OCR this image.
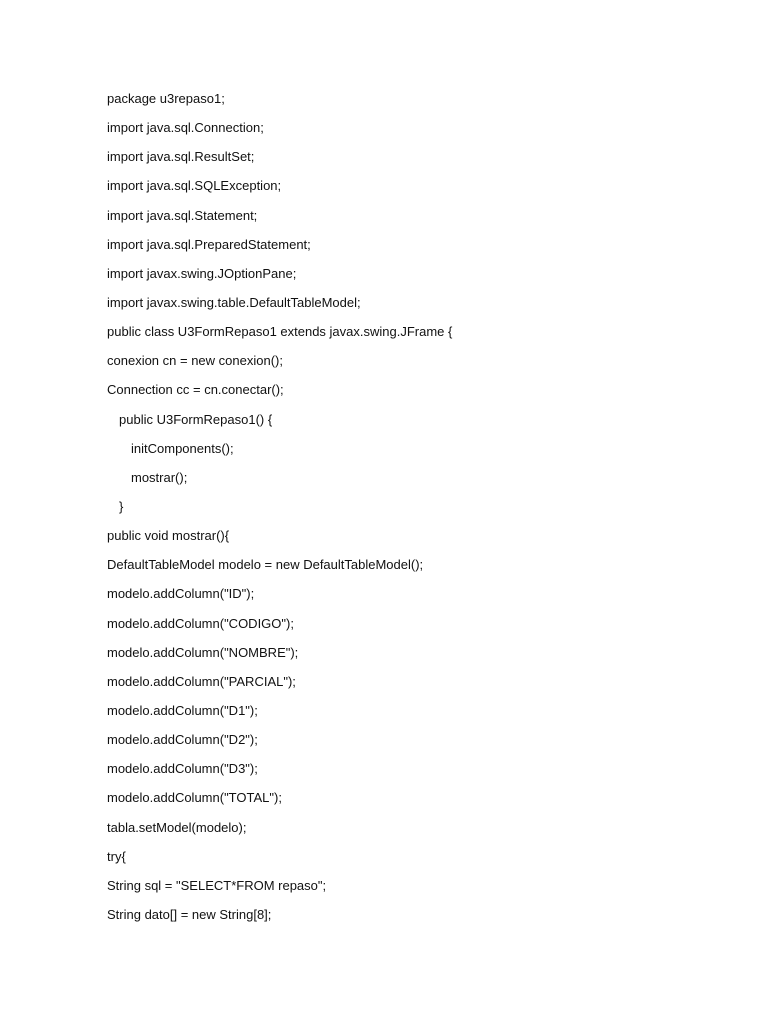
package u3repaso1;
import java.sql.Connection;
import java.sql.ResultSet;
import java.sql.SQLException;
import java.sql.Statement;
import java.sql.PreparedStatement;
import javax.swing.JOptionPane;
import javax.swing.table.DefaultTableModel;
public class U3FormRepaso1 extends javax.swing.JFrame {
conexion cn = new conexion();
Connection cc = cn.conectar();
public U3FormRepaso1() {
initComponents();
mostrar();
}
public void mostrar(){
DefaultTableModel modelo = new DefaultTableModel();
modelo.addColumn("ID");
modelo.addColumn("CODIGO");
modelo.addColumn("NOMBRE");
modelo.addColumn("PARCIAL");
modelo.addColumn("D1");
modelo.addColumn("D2");
modelo.addColumn("D3");
modelo.addColumn("TOTAL");
tabla.setModel(modelo);
try{
String sql = "SELECT*FROM repaso";
String dato[] = new String[8];
